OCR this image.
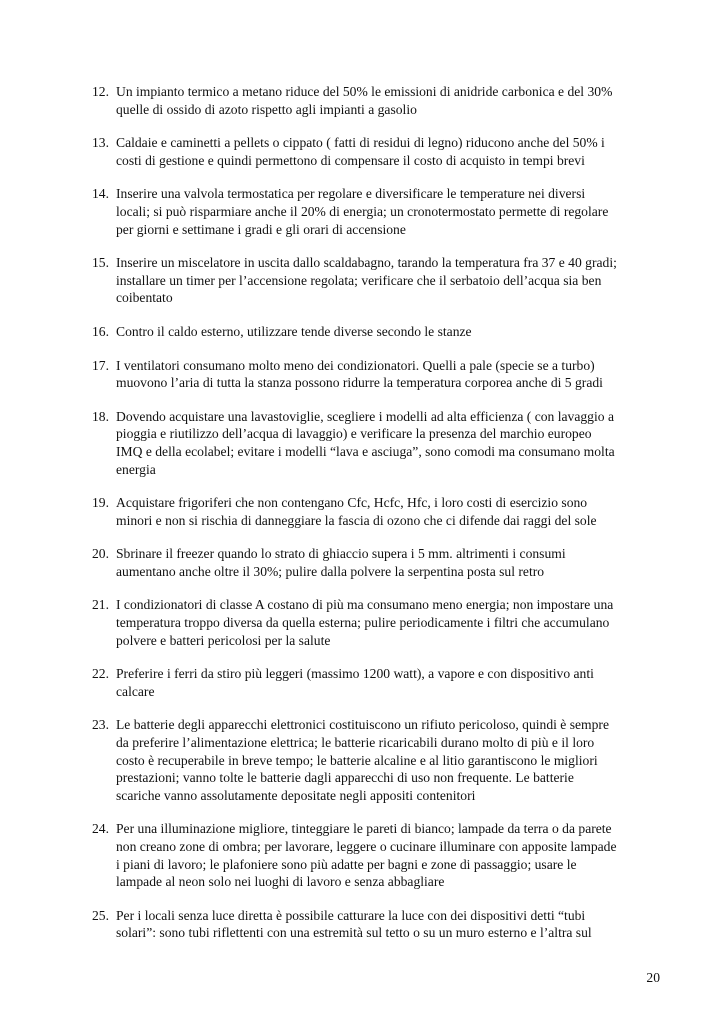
12. Un impianto termico a metano riduce del 50% le emissioni di anidride carbonica e del 30%
quelle di ossido di azoto rispetto agli impianti a gasolio
13. Caldaie e caminetti a pellets o cippato ( fatti di residui di legno) riducono anche del 50% i
costi di gestione e quindi permettono di compensare il costo di acquisto in tempi brevi
14. Inserire una valvola termostatica per regolare e diversificare le temperature nei diversi
locali; si può risparmiare anche il 20% di energia; un cronotermostato permette di regolare
per giorni e settimane i gradi e gli orari di accensione
15. Inserire un miscelatore in uscita dallo scaldabagno, tarando la temperatura fra 37 e 40 gradi;
installare un timer per l’accensione regolata; verificare che il serbatoio dell’acqua sia ben
coibentato
16. Contro il caldo esterno, utilizzare tende diverse secondo le stanze
17. I ventilatori consumano molto meno dei condizionatori. Quelli a pale (specie se a turbo)
muovono l’aria di tutta la stanza possono ridurre la temperatura corporea anche di 5 gradi
18. Dovendo acquistare una lavastoviglie, scegliere i modelli ad alta efficienza ( con lavaggio a
pioggia e riutilizzo dell’acqua di lavaggio) e verificare la presenza del marchio europeo
IMQ e della ecolabel; evitare i modelli “lava e asciuga”, sono comodi ma consumano molta
energia
19. Acquistare frigoriferi che non contengano Cfc, Hcfc, Hfc, i loro costi di esercizio sono
minori e non si rischia di danneggiare la fascia di ozono che ci difende dai raggi del sole
20. Sbrinare il freezer quando lo strato di ghiaccio supera i 5 mm. altrimenti i consumi
aumentano anche oltre il 30%; pulire dalla polvere la serpentina posta sul retro
21. I condizionatori di classe A costano di più ma consumano meno energia; non impostare una
temperatura troppo diversa da quella esterna; pulire periodicamente i filtri che accumulano
polvere e batteri pericolosi per la salute
22. Preferire i ferri da stiro più leggeri (massimo 1200 watt), a vapore e con dispositivo anti
calcare
23. Le batterie degli apparecchi elettronici costituiscono un rifiuto pericoloso, quindi è sempre
da preferire l’alimentazione elettrica; le batterie ricaricabili durano molto di più e il loro
costo è recuperabile in breve tempo; le batterie alcaline e al litio garantiscono le migliori
prestazioni; vanno tolte le batterie dagli apparecchi di uso non frequente. Le batterie
scariche vanno assolutamente depositate negli appositi contenitori
24. Per una illuminazione migliore, tinteggiare le pareti di bianco; lampade da terra o da parete
non creano zone di ombra; per lavorare, leggere o cucinare illuminare con apposite lampade
i piani di lavoro; le plafoniere sono più adatte per bagni e zone di passaggio; usare le
lampade al neon solo nei luoghi di lavoro e senza abbagliare
25. Per i locali senza luce diretta è possibile catturare la luce con dei dispositivi detti “tubi
solari”: sono tubi riflettenti con una estremità sul tetto o su un muro esterno e l’altra sul
20
